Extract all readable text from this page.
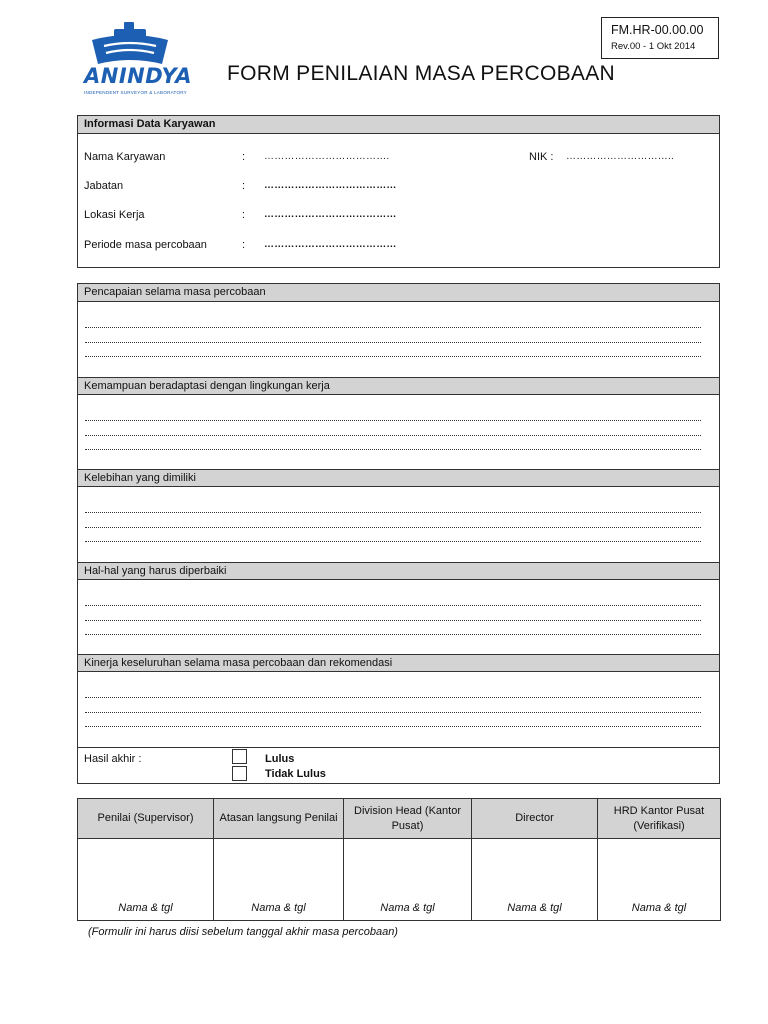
ANINDYA
INDEPENDENT SURVEYOR & LABORATORY
FORM PENILAIAN MASA PERCOBAAN
FM.HR-00.00.00
Rev.00 - 1 Okt 2014
Informasi Data Karyawan
Nama Karyawan	: ……………………………….	NIK : …………………………..
Jabatan	: …………………………………
Lokasi Kerja	: …………………………………
Periode masa percobaan	: …………………………………
Pencapaian selama masa percobaan
Kemampuan beradaptasi dengan lingkungan kerja
Kelebihan yang dimiliki
Hal-hal yang harus diperbaiki
Kinerja keseluruhan selama masa percobaan dan rekomendasi
Hasil akhir :	Lulus
Tidak Lulus
Penilai (Supervisor)	Atasan langsung Penilai	Division Head (Kantor Pusat)	Director	HRD Kantor Pusat (Verifikasi)
Nama & tgl	Nama & tgl	Nama & tgl	Nama & tgl	Nama & tgl
(Formulir ini harus diisi sebelum tanggal akhir masa percobaan)
